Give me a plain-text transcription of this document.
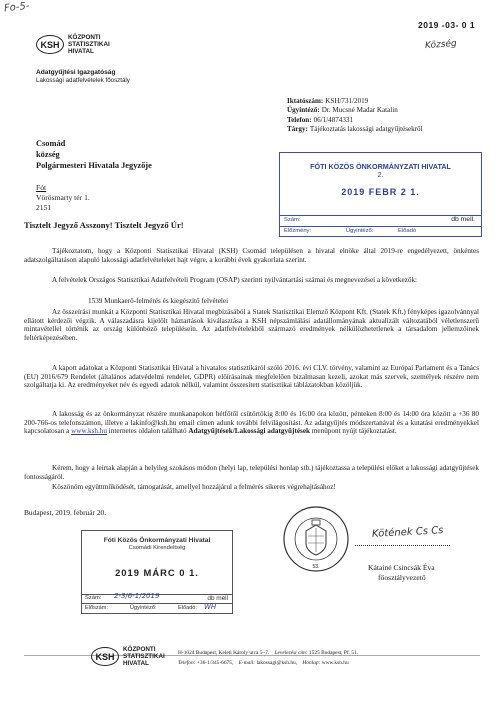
Fo-5-
KSH
KÖZPONTI
STATISZTIKAI
HIVATAL
Adatgyűjtési Igazgatóság
Lakossági adatfelvételek főosztály
2019 -03- 0 1
Község
Iktatószám: KSH/731/2019
Ügyintéző: Dr. Mucsné Madar Katalin
Telefon: 06/1/4874331
Tárgy: Tájékoztatás lakossági adatgyűjtésekről
Csomád
község
Polgármesteri Hivatala Jegyzője
Fót
Vörösmarty tér 1.
2151
FÓTI KÖZÖS ÖNKORMÁNYZATI HIVATAL
2.
2019 FEBR 2 1.
Szám:	db mell.
Előzmény:	Ügyintéző:	Előadó
Tisztelt Jegyző Asszony! Tisztelt Jegyző Úr!
Tájékoztatom, hogy a Központi Statisztikai Hivatal (KSH) Csomád településen a hivatal elnöke által 2019-re engedélyezett, önkéntes adatszolgáltatáson alapuló lakossági adatfelvételeket hajt végre, a korábbi évek gyakorlata szerint.
A felvételek Országos Statisztikai Adatfelvételi Program (OSAP) szerinti nyilvántartási számai és megnevezései a következők:
1539 Munkaerő-felmérés és kiegészítő felvételei
Az összeírási munkát a Központi Statisztikai Hivatal megbízásából a Statek Statisztikai Elemző Központ Kft. (Statek Kft.) fényképes igazolvánnyal ellátott kérdezői végzik. A válaszadásra kijelölt háztartások kiválasztása a KSH népszámlálási adatállományának aktualizált változatából véletlenszerű mintavétellel történik az ország különböző településein. Az adatfelvételekből származó eredmények nélkülözhetetlenek a társadalom jellemzőinek feltérképezésében.
A kapott adatokat a Központi Statisztikai Hivatal a hivatalos statisztikáról szóló 2016. évi CLV. törvény, valamint az Európai Parlament és a Tanács (EU) 2016/679 Rendelet (általános adatvédelmi rendelet, GDPR) előírásainak megfelelően bizalmasan kezeli, azokat más szervek, személyek részére nem szolgáltatja ki. Az eredményeket név és egyedi adatok nélkül, valamint összesített statisztikai táblázatokban közöljük.
A lakosság és az önkormányzat részére munkanapokon hétfőtől csütörtökig 8:00 és 16:00 óra között, pénteken 8:00 és 14:00 óra között a +36 80 200-766-os telefonszámon, illetve a lakinfo@ksh.hu email címen adunk további felvilágosítást. Az adatgyűjtés módszertanával és a kutatási eredményekkel kapcsolatosan a www.ksh.hu internetes oldalon található Adatgyűjtések/Lakossági adatgyűjtések menüpont nyújt tájékoztatást.
Kérem, hogy a leírtak alapján a helyileg szokásos módon (helyi lap, települési honlap stb.) tájékoztassa a települési előket a lakossági adatgyűjtések fontosságáról.
Köszönöm együttműködését, támogatását, amellyel hozzájárul a felmérés sikeres végrehajtásához!
Budapest, 2019. február 20.
Fóti Közös Önkormányzati Hivatal
Csomádi Kirendeltség
2019 MÁRC 0 1.
Szám: 2-3/6-1/2019	db mell
Előszám:	Ügyintéző:	Előadó: WH
53.
Kötének Cs Cs
Kátainé Csincsák Éva
főosztályvezető
KSH
KÖZPONTI
STATISZTIKAI
HIVATAL
H-1024 Budapest, Keleti Károly utca 5–7. Levelezési cím: 1525 Budapest, Pf. 51.
Telefon: +36-1/345-6675, E-mail: lakossagi@ksh.hu, Honlap: www.ksh.hu
